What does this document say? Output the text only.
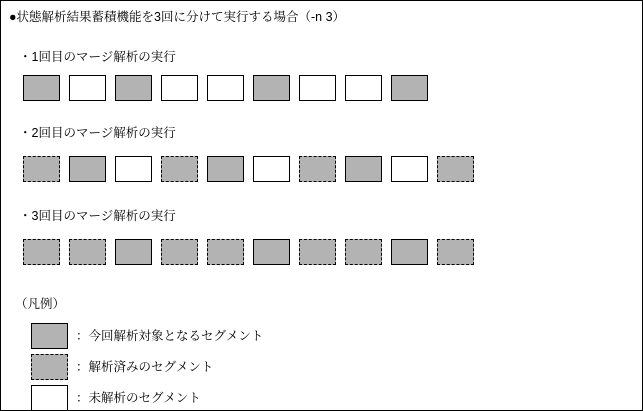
●状態解析結果蓄積機能を3回に分けて実行する場合（-n 3）
・1回目のマージ解析の実行
・2回目のマージ解析の実行
・3回目のマージ解析の実行
（凡例）
：今回解析対象となるセグメント
：解析済みのセグメント
：未解析のセグメント
